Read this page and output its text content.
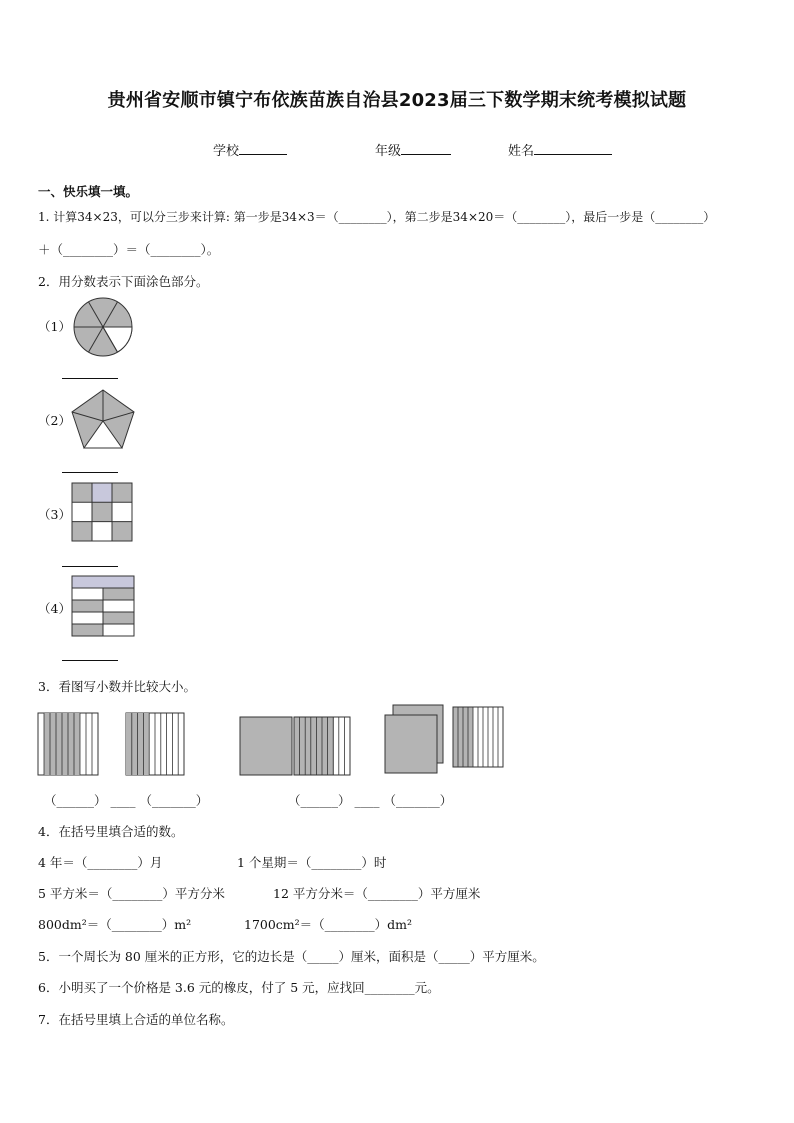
贵州省安顺市镇宁布依族苗族自治县2023届三下数学期末统考模拟试题
学校	年级	姓名
一、快乐填一填。
1. 计算34×23，可以分三步来计算: 第一步是34×3＝（________），第二步是34×20＝（________），最后一步是（________）
＋（________）＝（________）。
2．用分数表示下面涂色部分。
（1）
（2）
（3）
（4）
3．看图写小数并比较大小。
（______） ____ （_______）	（______） ____ （_______）
4．在括号里填合适的数。
4 年＝（________）月	1 个星期＝（________）时
5 平方米＝（________）平方分米	12 平方分米＝（________）平方厘米
800dm²＝（________）m²	1700cm²＝（________）dm²
5．一个周长为 80 厘米的正方形，它的边长是（_____）厘米，面积是（_____）平方厘米。
6．小明买了一个价格是 3.6 元的橡皮，付了 5 元，应找回________元。
7．在括号里填上合适的单位名称。
